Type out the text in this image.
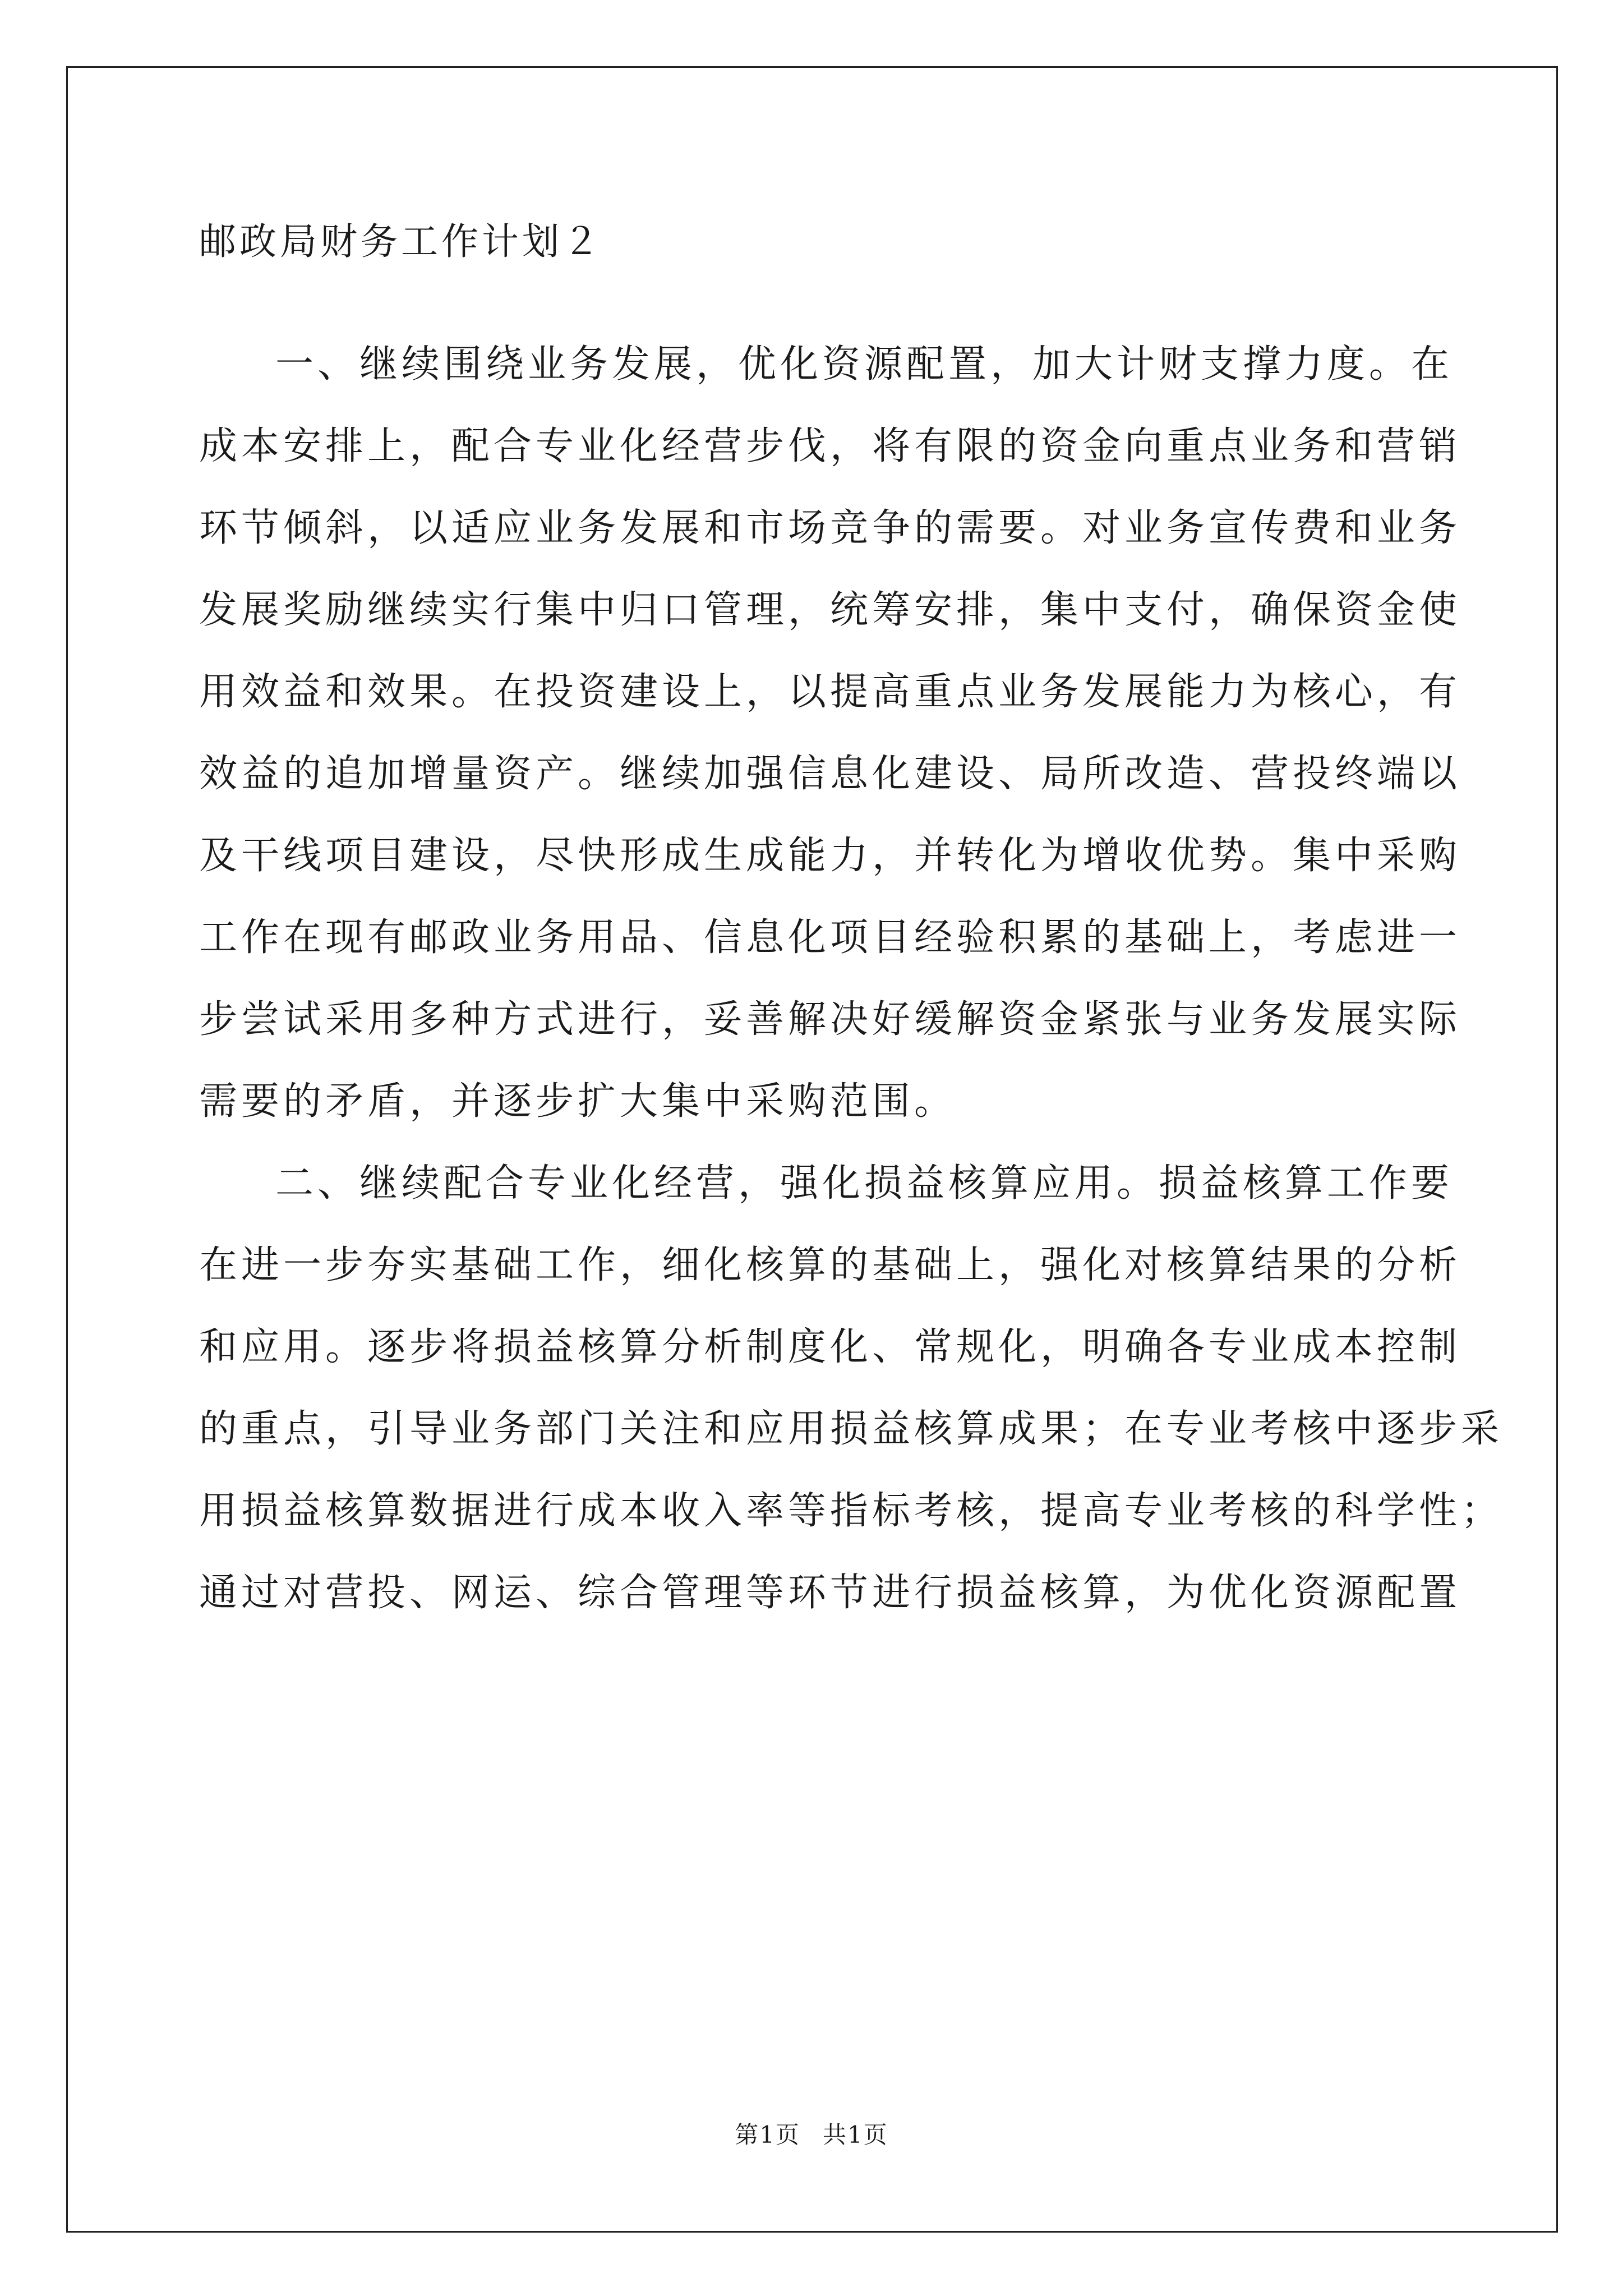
邮政局财务工作计划２
一、继续围绕业务发展，优化资源配置，加大计财支撑力度。在
成本安排上，配合专业化经营步伐，将有限的资金向重点业务和营销
环节倾斜，以适应业务发展和市场竞争的需要。对业务宣传费和业务
发展奖励继续实行集中归口管理，统筹安排，集中支付，确保资金使
用效益和效果。在投资建设上，以提高重点业务发展能力为核心，有
效益的追加增量资产。继续加强信息化建设、局所改造、营投终端以
及干线项目建设，尽快形成生成能力，并转化为增收优势。集中采购
工作在现有邮政业务用品、信息化项目经验积累的基础上，考虑进一
步尝试采用多种方式进行，妥善解决好缓解资金紧张与业务发展实际
需要的矛盾，并逐步扩大集中采购范围。
二、继续配合专业化经营，强化损益核算应用。损益核算工作要
在进一步夯实基础工作，细化核算的基础上，强化对核算结果的分析
和应用。逐步将损益核算分析制度化、常规化，明确各专业成本控制
的重点，引导业务部门关注和应用损益核算成果；在专业考核中逐步采
用损益核算数据进行成本收入率等指标考核，提高专业考核的科学性；
通过对营投、网运、综合管理等环节进行损益核算，为优化资源配置
第1页 共1页
